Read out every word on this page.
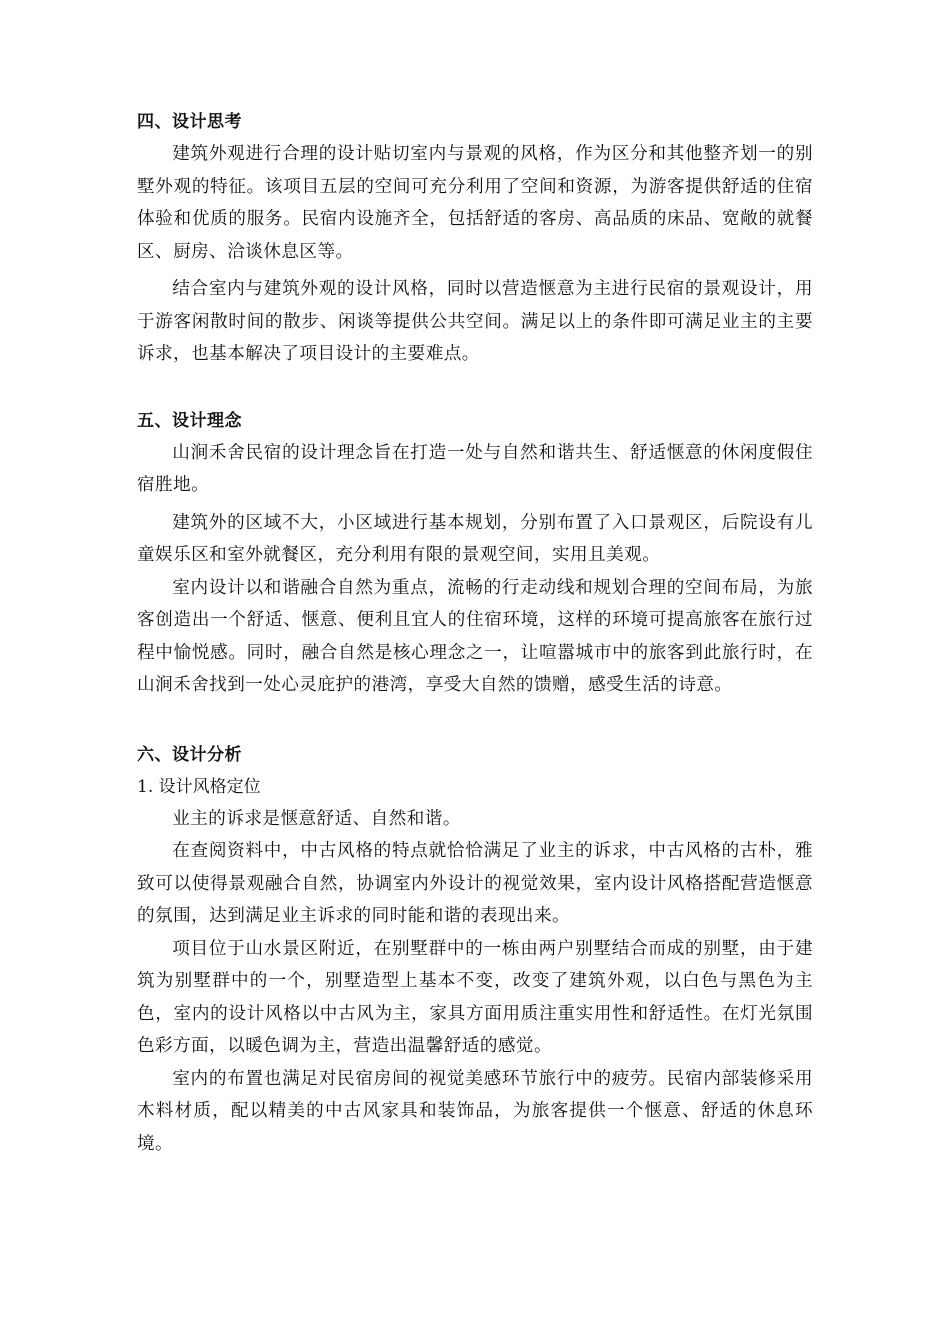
四、设计思考

建筑外观进行合理的设计贴切室内与景观的风格，作为区分和其他整齐划一的别墅外观的特征。该项目五层的空间可充分利用了空间和资源，为游客提供舒适的住宿体验和优质的服务。民宿内设施齐全，包括舒适的客房、高品质的床品、宽敞的就餐区、厨房、洽谈休息区等。

结合室内与建筑外观的设计风格，同时以营造惬意为主进行民宿的景观设计，用于游客闲散时间的散步、闲谈等提供公共空间。满足以上的条件即可满足业主的主要诉求，也基本解决了项目设计的主要难点。

五、设计理念

山涧禾舍民宿的设计理念旨在打造一处与自然和谐共生、舒适惬意的休闲度假住宿胜地。

建筑外的区域不大，小区域进行基本规划，分别布置了入口景观区，后院设有儿童娱乐区和室外就餐区，充分利用有限的景观空间，实用且美观。

室内设计以和谐融合自然为重点，流畅的行走动线和规划合理的空间布局，为旅客创造出一个舒适、惬意、便利且宜人的住宿环境，这样的环境可提高旅客在旅行过程中愉悦感。同时，融合自然是核心理念之一，让喧嚣城市中的旅客到此旅行时，在山涧禾舍找到一处心灵庇护的港湾，享受大自然的馈赠，感受生活的诗意。

六、设计分析

1. 设计风格定位

业主的诉求是惬意舒适、自然和谐。

在查阅资料中，中古风格的特点就恰恰满足了业主的诉求，中古风格的古朴，雅致可以使得景观融合自然，协调室内外设计的视觉效果，室内设计风格搭配营造惬意的氛围，达到满足业主诉求的同时能和谐的表现出来。

项目位于山水景区附近，在别墅群中的一栋由两户别墅结合而成的别墅，由于建筑为别墅群中的一个，别墅造型上基本不变，改变了建筑外观，以白色与黑色为主色，室内的设计风格以中古风为主，家具方面用质注重实用性和舒适性。在灯光氛围色彩方面，以暖色调为主，营造出温馨舒适的感觉。

室内的布置也满足对民宿房间的视觉美感环节旅行中的疲劳。民宿内部装修采用木料材质，配以精美的中古风家具和装饰品，为旅客提供一个惬意、舒适的休息环境。
